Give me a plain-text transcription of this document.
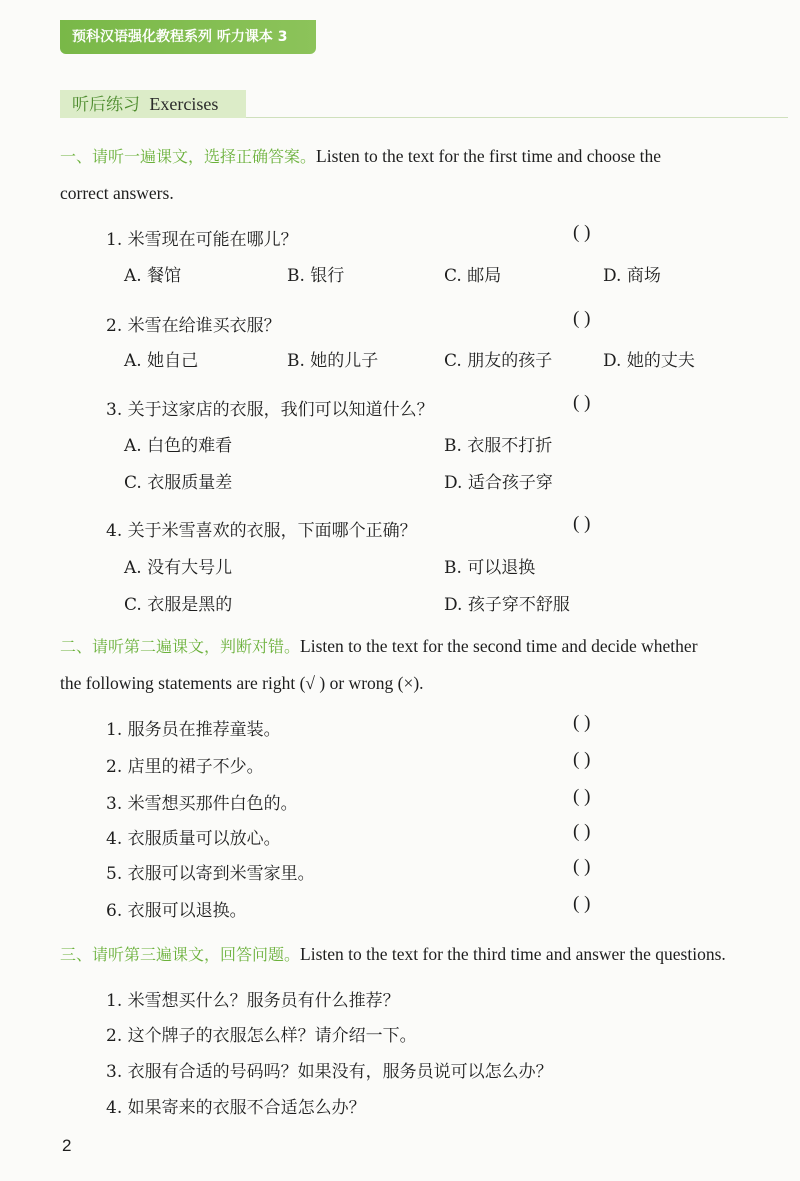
预科汉语强化教程系列 听力课本 3
听后练习 Exercises
一、请听一遍课文，选择正确答案。Listen to the text for the first time and choose the
correct answers.
1. 米雪现在可能在哪儿？	( )
A. 餐馆	B. 银行	C. 邮局	D. 商场
2. 米雪在给谁买衣服？	( )
A. 她自己	B. 她的儿子	C. 朋友的孩子	D. 她的丈夫
3. 关于这家店的衣服，我们可以知道什么？	( )
A. 白色的难看	B. 衣服不打折
C. 衣服质量差	D. 适合孩子穿
4. 关于米雪喜欢的衣服，下面哪个正确？	( )
A. 没有大号儿	B. 可以退换
C. 衣服是黑的	D. 孩子穿不舒服
二、请听第二遍课文，判断对错。Listen to the text for the second time and decide whether
the following statements are right (√ ) or wrong (×).
1. 服务员在推荐童装。	( )
2. 店里的裙子不少。	( )
3. 米雪想买那件白色的。	( )
4. 衣服质量可以放心。	( )
5. 衣服可以寄到米雪家里。	( )
6. 衣服可以退换。	( )
三、请听第三遍课文，回答问题。Listen to the text for the third time and answer the questions.
1. 米雪想买什么？服务员有什么推荐？
2. 这个牌子的衣服怎么样？请介绍一下。
3. 衣服有合适的号码吗？如果没有，服务员说可以怎么办？
4. 如果寄来的衣服不合适怎么办？
2
